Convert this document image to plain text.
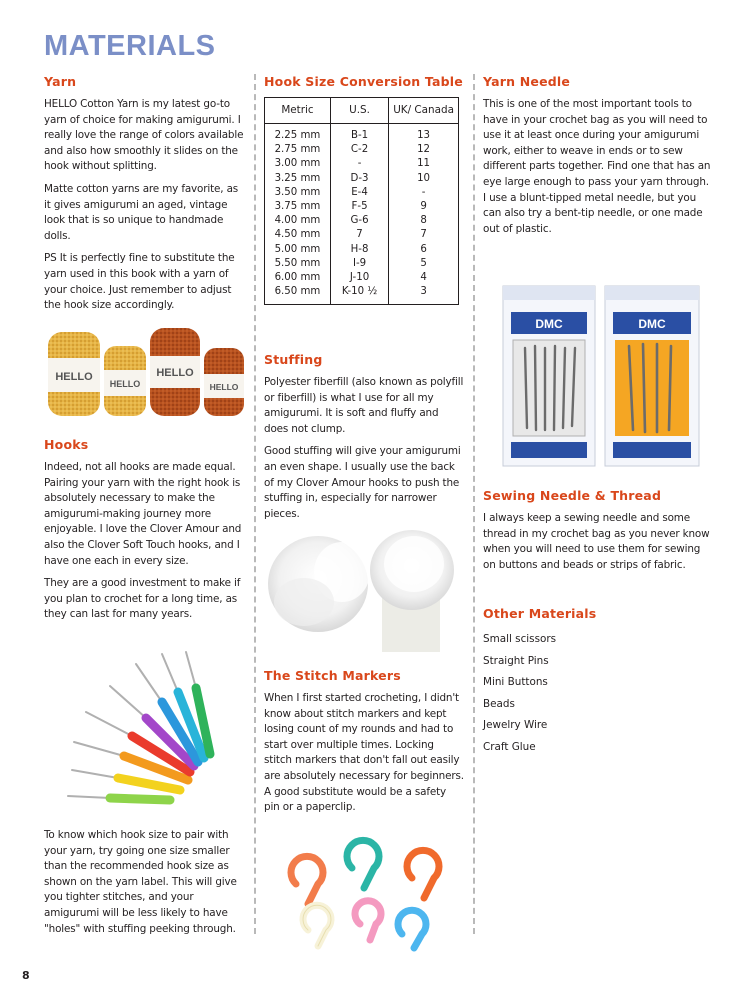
MATERIALS
Yarn

HELLO Cotton Yarn is my latest go-to yarn of choice for making amigurumi. I really love the range of colors available and also how smoothly it slides on the hook without splitting.

Matte cotton yarns are my favorite, as it gives amigurumi an aged, vintage look that is so unique to handmade dolls.

PS It is perfectly fine to substitute the yarn used in this book with a yarn of your choice. Just remember to adjust the hook size accordingly.

HELLO
HELLO
HELLO
HELLO
Hooks

Indeed, not all hooks are made equal. Pairing your yarn with the right hook is absolutely necessary to make the amigurumi-making journey more enjoyable. I love the Clover Amour and also the Clover Soft Touch hooks, and I have one each in every size.

They are a good investment to make if you plan to crochet for a long time, as they can last for many years.

To know which hook size to pair with your yarn, try going one size smaller than the recommended hook size as shown on the yarn label. This will give you tighter stitches, and your amigurumi will be less likely to have "holes" with stuffing peeking through.

8
Hook Size Conversion Table
Metric	U.S.	UK/ Canada
2.25 mm	B-1	13
2.75 mm	C-2	12
3.00 mm	-	11
3.25 mm	D-3	10
3.50 mm	E-4	-
3.75 mm	F-5	9
4.00 mm	G-6	8
4.50 mm	7	7
5.00 mm	H-8	6
5.50 mm	I-9	5
6.00 mm	J-10	4
6.50 mm	K-10 ½	3
Stuffing

Polyester fiberfill (also known as polyfill or fiberfill) is what I use for all my amigurumi. It is soft and fluffy and does not clump.

Good stuffing will give your amigurumi an even shape. I usually use the back of my Clover Amour hooks to push the stuffing in, especially for narrower pieces.

The Stitch Markers

When I first started crocheting, I didn't know about stitch markers and kept losing count of my rounds and had to start over multiple times. Locking stitch markers that don't fall out easily are absolutely necessary for beginners. A good substitute would be a safety pin or a paperclip.

Yarn Needle

This is one of the most important tools to have in your crochet bag as you will need to use it at least once during your amigurumi work, either to weave in ends or to sew different parts together. Find one that has an eye large enough to pass your yarn through. I use a blunt-tipped metal needle, but you can also try a bent-tip needle, or one made out of plastic.

DMC	DMC
Sewing Needle & Thread

I always keep a sewing needle and some thread in my crochet bag as you never know when you will need to use them for sewing on buttons and beads or strips of fabric.

Other Materials
Small scissors
Straight Pins
Mini Buttons
Beads
Jewelry Wire
Craft Glue
